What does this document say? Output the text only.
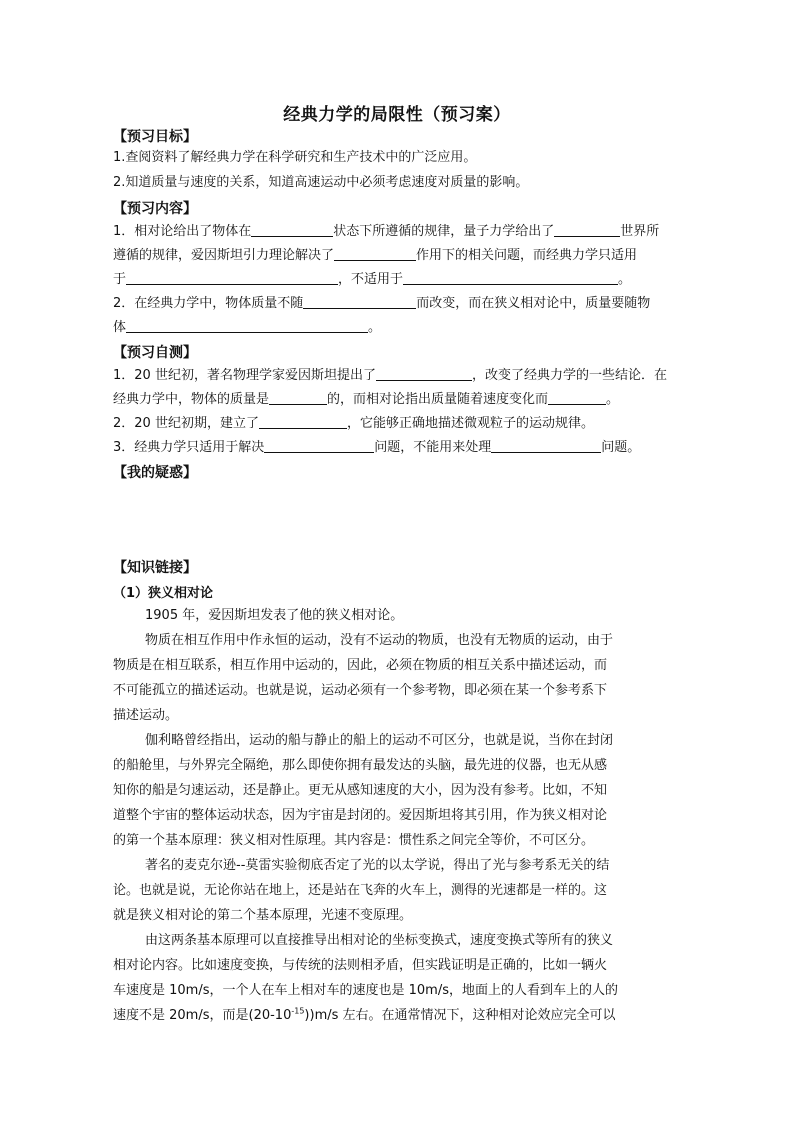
经典力学的局限性（预习案）
【预习目标】
1.查阅资料了解经典力学在科学研究和生产技术中的广泛应用。
2.知道质量与速度的关系，知道高速运动中必须考虑速度对质量的影响。
【预习内容】
1．相对论给出了物体在	状态下所遵循的规律，量子力学给出了	世界所
遵循的规律，爱因斯坦引力理论解决了	作用下的相关问题，而经典力学只适用
于	，不适用于	。
2．在经典力学中，物体质量不随	而改变，而在狭义相对论中，质量要随物
体	。
【预习自测】
1．20 世纪初，著名物理学家爱因斯坦提出了	，改变了经典力学的一些结论．在
经典力学中，物体的质量是	的，而相对论指出质量随着速度变化而	。
2．20 世纪初期，建立了	，它能够正确地描述微观粒子的运动规律。
3．经典力学只适用于解决	问题，不能用来处理	问题。
【我的疑惑】
【知识链接】
（1）狭义相对论
1905 年，爱因斯坦发表了他的狭义相对论。
物质在相互作用中作永恒的运动，没有不运动的物质，也没有无物质的运动，由于
物质是在相互联系，相互作用中运动的，因此，必须在物质的相互关系中描述运动，而
不可能孤立的描述运动。也就是说，运动必须有一个参考物，即必须在某一个参考系下
描述运动。
伽利略曾经指出，运动的船与静止的船上的运动不可区分，也就是说，当你在封闭
的船舱里，与外界完全隔绝，那么即使你拥有最发达的头脑，最先进的仪器，也无从感
知你的船是匀速运动，还是静止。更无从感知速度的大小，因为没有参考。比如，不知
道整个宇宙的整体运动状态，因为宇宙是封闭的。爱因斯坦将其引用，作为狭义相对论
的第一个基本原理：狭义相对性原理。其内容是：惯性系之间完全等价，不可区分。
著名的麦克尔逊--莫雷实验彻底否定了光的以太学说，得出了光与参考系无关的结
论。也就是说，无论你站在地上，还是站在飞奔的火车上，测得的光速都是一样的。这
就是狭义相对论的第二个基本原理，光速不变原理。
由这两条基本原理可以直接推导出相对论的坐标变换式，速度变换式等所有的狭义
相对论内容。比如速度变换，与传统的法则相矛盾，但实践证明是正确的，比如一辆火
车速度是 10m/s，一个人在车上相对车的速度也是 10m/s，地面上的人看到车上的人的
速度不是 20m/s，而是$(20-10^{-15}))m/s$ 左右。在通常情况下，这种相对论效应完全可以
